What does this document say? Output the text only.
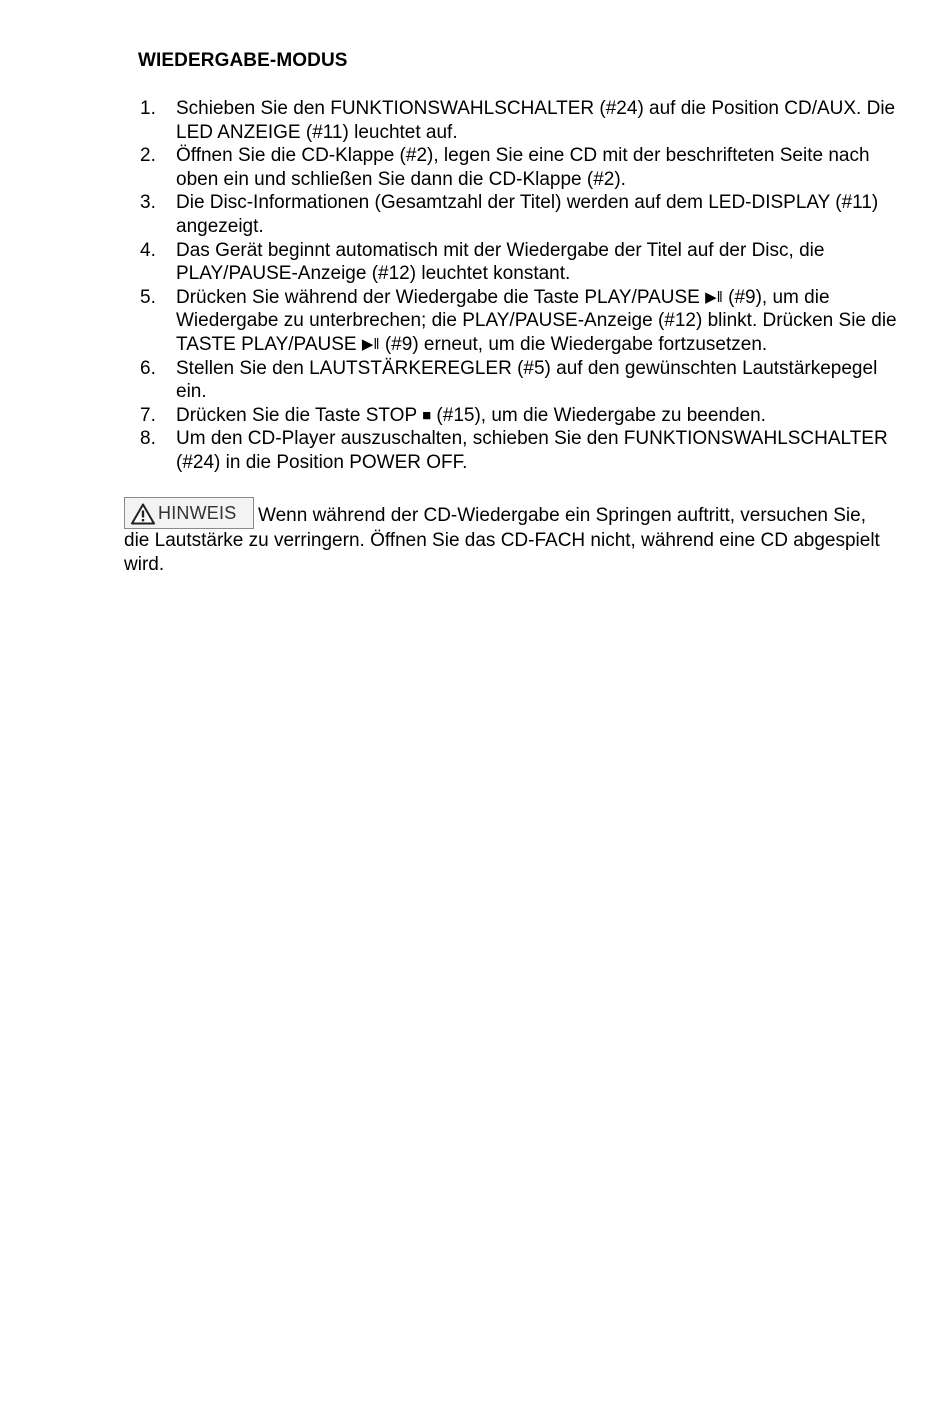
WIEDERGABE-MODUS
1. Schieben Sie den FUNKTIONSWAHLSCHALTER (#24) auf die Position CD/AUX. Die LED ANZEIGE (#11) leuchtet auf.
2. Öffnen Sie die CD-Klappe (#2), legen Sie eine CD mit der beschrifteten Seite nach oben ein und schließen Sie dann die CD-Klappe (#2).
3. Die Disc-Informationen (Gesamtzahl der Titel) werden auf dem LED-DISPLAY (#11) angezeigt.
4. Das Gerät beginnt automatisch mit der Wiedergabe der Titel auf der Disc, die PLAY/PAUSE-Anzeige (#12) leuchtet konstant.
5. Drücken Sie während der Wiedergabe die Taste PLAY/PAUSE ▶ǁ (#9), um die Wiedergabe zu unterbrechen; die PLAY/PAUSE-Anzeige (#12) blinkt. Drücken Sie die TASTE PLAY/PAUSE ▶ǁ (#9) erneut, um die Wiedergabe fortzusetzen.
6. Stellen Sie den LAUTSTÄRKEREGLER (#5) auf den gewünschten Lautstärkepegel ein.
7. Drücken Sie die Taste STOP ■ (#15), um die Wiedergabe zu beenden.
8. Um den CD-Player auszuschalten, schieben Sie den FUNKTIONSWAHLSCHALTER (#24) in die Position POWER OFF.
HINWEIS Wenn während der CD-Wiedergabe ein Springen auftritt, versuchen Sie, die Lautstärke zu verringern. Öffnen Sie das CD-FACH nicht, während eine CD abgespielt wird.
